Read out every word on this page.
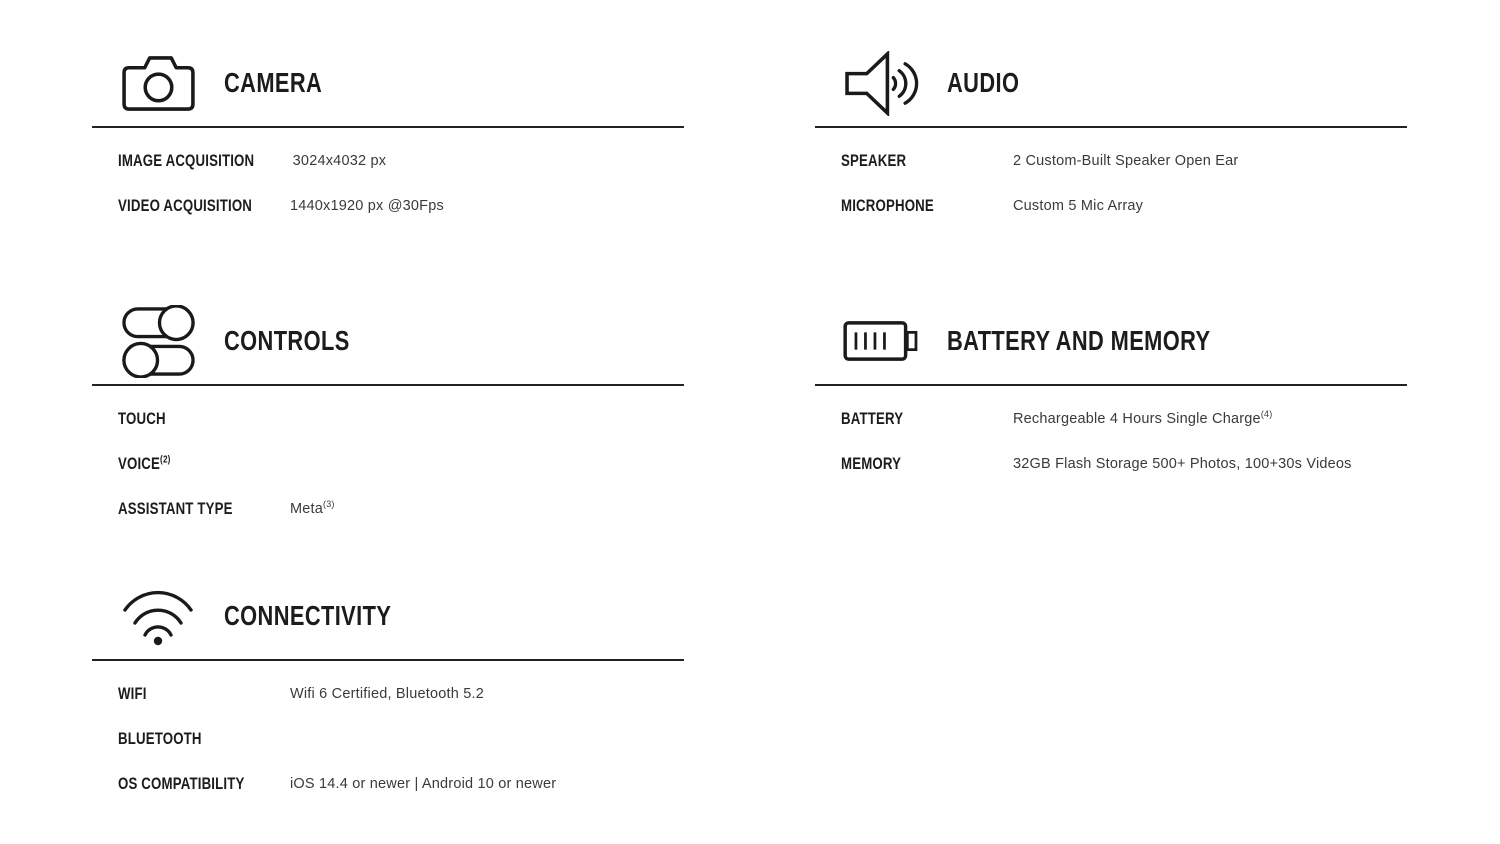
CAMERA
IMAGE ACQUISITION	3024x4032 px
VIDEO ACQUISITION	1440x1920 px @30Fps
AUDIO
SPEAKER	2 Custom-Built Speaker Open Ear
MICROPHONE	Custom 5 Mic Array
CONTROLS
TOUCH
VOICE$^{(2)}$
ASSISTANT TYPE	Meta$^{(3)}$
BATTERY AND MEMORY
BATTERY	Rechargeable 4 Hours Single Charge$^{(4)}$
MEMORY	32GB Flash Storage 500+ Photos, 100+30s Videos
CONNECTIVITY
WIFI	Wifi 6 Certified, Bluetooth 5.2
BLUETOOTH
OS COMPATIBILITY	iOS 14.4 or newer | Android 10 or newer
